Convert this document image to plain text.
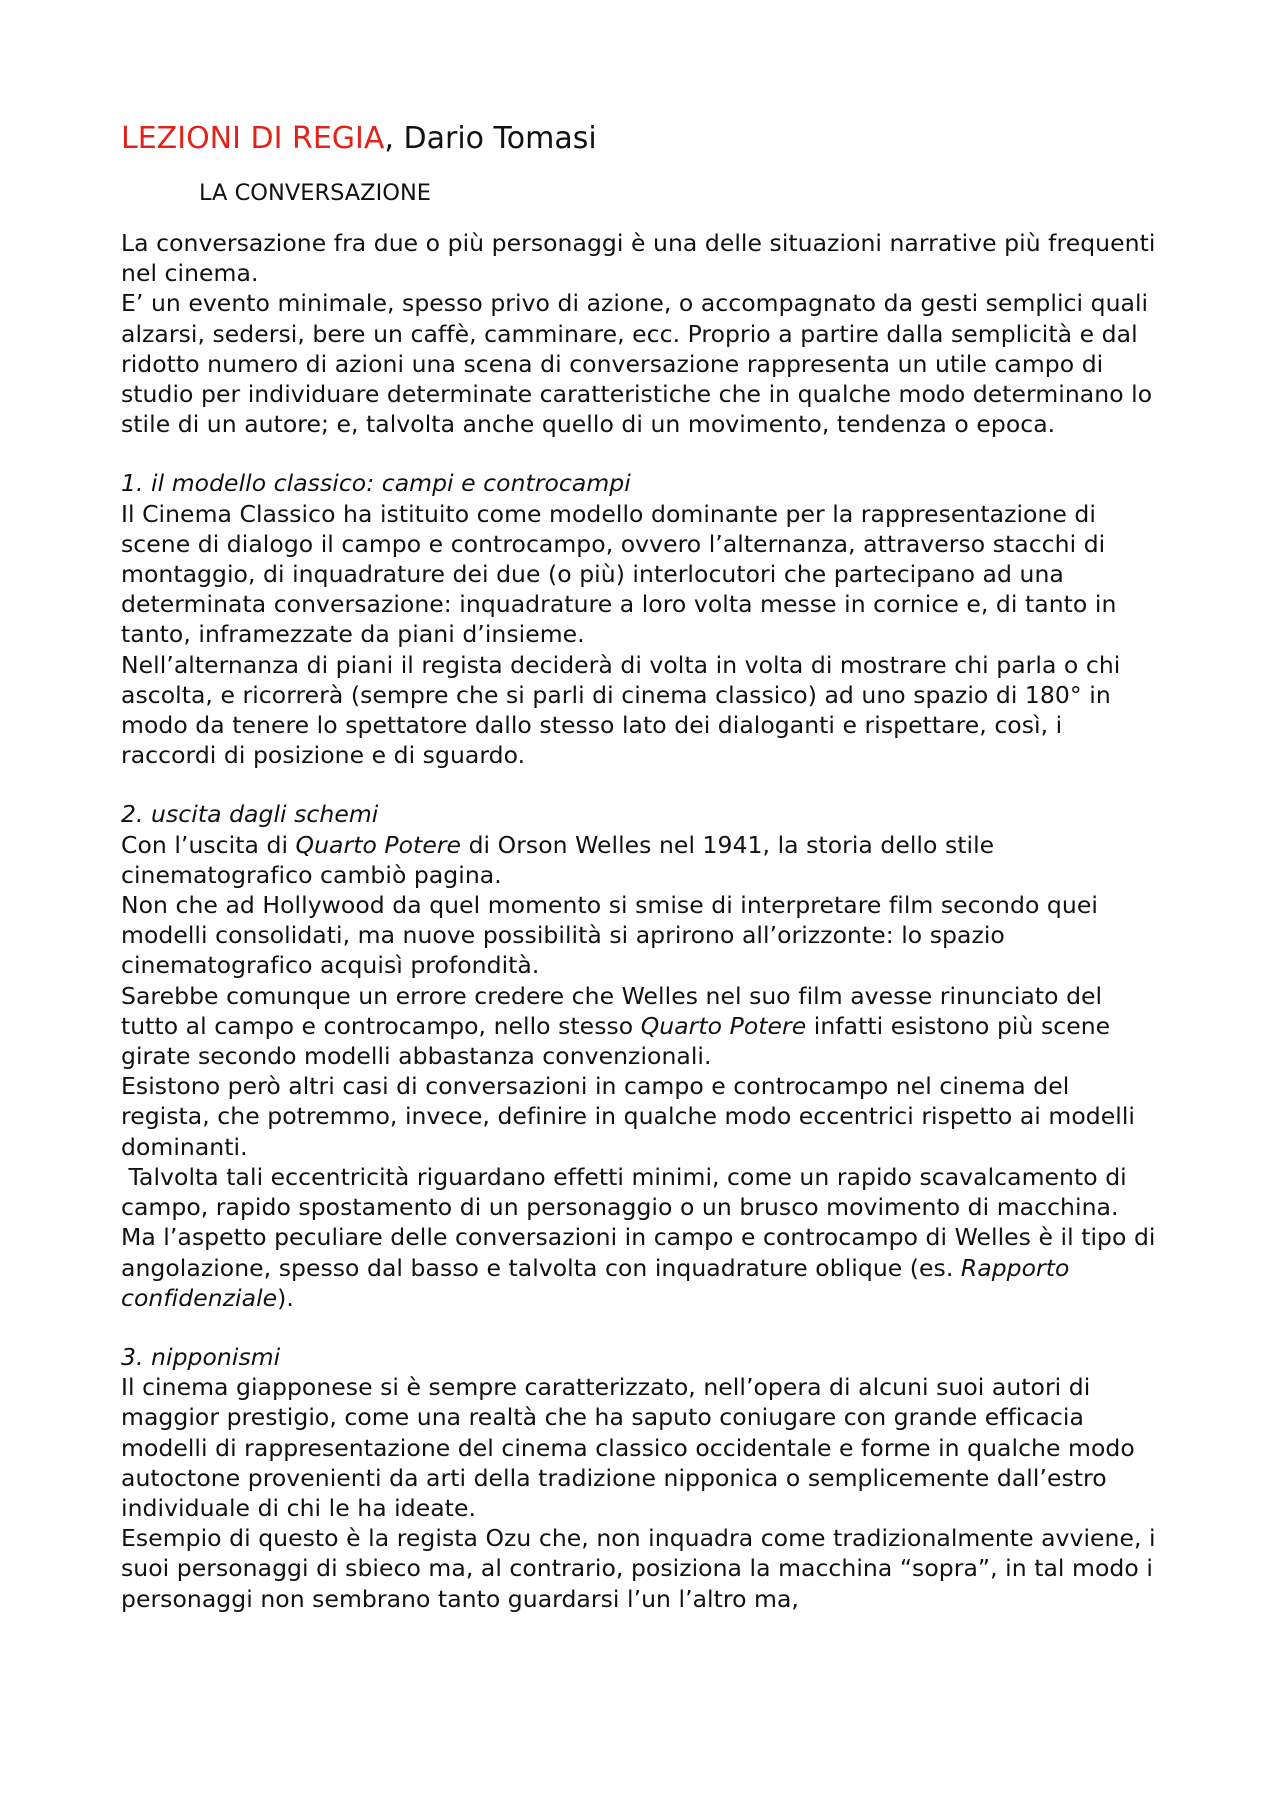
LEZIONI DI REGIA, Dario Tomasi
LA CONVERSAZIONE

La conversazione fra due o più personaggi è una delle situazioni narrative più frequenti nel cinema.

E’ un evento minimale, spesso privo di azione, o accompagnato da gesti semplici quali alzarsi, sedersi, bere un caffè, camminare, ecc. Proprio a partire dalla semplicità e dal ridotto numero di azioni una scena di conversazione rappresenta un utile campo di studio per individuare determinate caratteristiche che in qualche modo determinano lo stile di un autore; e, talvolta anche quello di un movimento, tendenza o epoca.

1. il modello classico: campi e controcampi

Il Cinema Classico ha istituito come modello dominante per la rappresentazione di scene di dialogo il campo e controcampo, ovvero l’alternanza, attraverso stacchi di montaggio, di inquadrature dei due (o più) interlocutori che partecipano ad una determinata conversazione: inquadrature a loro volta messe in cornice e, di tanto in tanto, inframezzate da piani d’insieme.

Nell’alternanza di piani il regista deciderà di volta in volta di mostrare chi parla o chi ascolta, e ricorrerà (sempre che si parli di cinema classico) ad uno spazio di 180° in modo da tenere lo spettatore dallo stesso lato dei dialoganti e rispettare, così, i raccordi di posizione e di sguardo.

2. uscita dagli schemi

Con l’uscita di Quarto Potere di Orson Welles nel 1941, la storia dello stile cinematografico cambiò pagina.

Non che ad Hollywood da quel momento si smise di interpretare film secondo quei modelli consolidati, ma nuove possibilità si aprirono all’orizzonte: lo spazio cinematografico acquisì profondità.

Sarebbe comunque un errore credere che Welles nel suo film avesse rinunciato del tutto al campo e controcampo, nello stesso Quarto Potere infatti esistono più scene girate secondo modelli abbastanza convenzionali.

Esistono però altri casi di conversazioni in campo e controcampo nel cinema del regista, che potremmo, invece, definire in qualche modo eccentrici rispetto ai modelli dominanti.

Talvolta tali eccentricità riguardano effetti minimi, come un rapido scavalcamento di campo, rapido spostamento di un personaggio o un brusco movimento di macchina.

Ma l’aspetto peculiare delle conversazioni in campo e controcampo di Welles è il tipo di angolazione, spesso dal basso e talvolta con inquadrature oblique (es. Rapporto confidenziale).

3. nipponismi

Il cinema giapponese si è sempre caratterizzato, nell’opera di alcuni suoi autori di maggior prestigio, come una realtà che ha saputo coniugare con grande efficacia modelli di rappresentazione del cinema classico occidentale e forme in qualche modo autoctone provenienti da arti della tradizione nipponica o semplicemente dall’estro individuale di chi le ha ideate.

Esempio di questo è la regista Ozu che, non inquadra come tradizionalmente avviene, i suoi personaggi di sbieco ma, al contrario, posiziona la macchina “sopra”, in tal modo i personaggi non sembrano tanto guardarsi l’un l’altro ma,
